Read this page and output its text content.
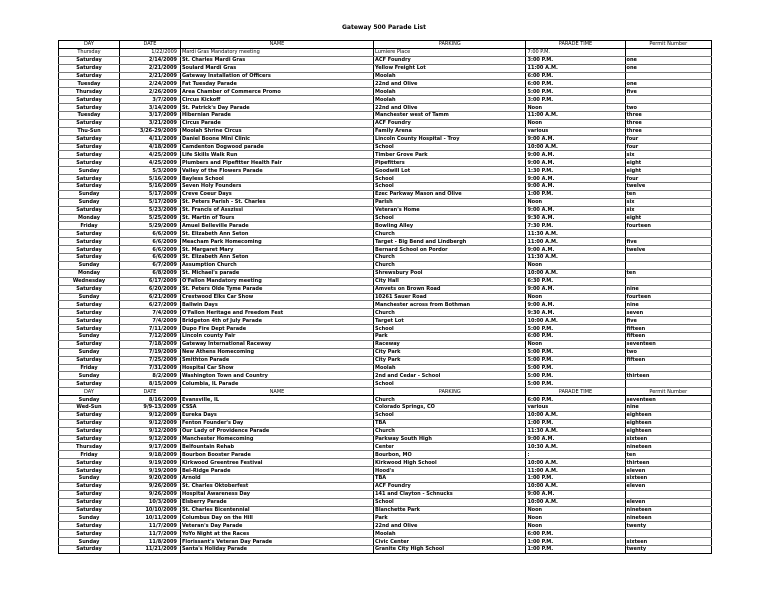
Gateway 500 Parade List
DAY	DATE	NAME	PARKING	PARADE TIME	Permit Number
Thursday	1/22/2009	Mardi Gras Mandatory meeting	Lumiere Place	7:00 P.M.	
Saturday	2/14/2009	St. Charles Mardi Gras	ACF Foundry	3:00 P.M.	one
Saturday	2/21/2009	Soulard Mardi Gras	Yellow Freight Lot	11:00 A.M.	one
Saturday	2/21/2009	Gateway Installation of Officers	Moolah	6:00 P.M.	
Tuesday	2/24/2009	Fat Tuesday Parade	22nd and Olive	6:00 P.M.	one
Thursday	2/26/2009	Area Chamber of Commerce Promo	Moolah	5:00 P.M.	five
Saturday	3/7/2009	Circus Kickoff	Moolah	3:00 P.M.	
Saturday	3/14/2009	St. Patrick's Day Parade	22nd and Olive	Noon	two
Tuesday	3/17/2009	Hibernian Parade	Manchester west of Tamm	11:00 A.M.	three
Saturday	3/21/2009	Circus Parade	ACF Foundry	Noon	three
Thu-Sun	3/26-29/2009	Moolah Shrine Circus	Family Arena	various	three
Saturday	4/11/2009	Daniel Boone Mini Clinic	Lincoln County Hospital - Troy	9:00 A.M.	four
Saturday	4/18/2009	Camdenton Dogwood parade	School	10:00 A.M.	four
Saturday	4/25/2009	Life Skills Walk Run	Timber Grove Park	9:00 A.M.	six
Saturday	4/25/2009	Plumbers and Pipefitter Health Fair	Pipefitters	9:00 A.M.	eight
Sunday	5/3/2009	Valley of the Flowers Parade	Goodwill Lot	1:30 P.M.	eight
Saturday	5/16/2009	Bayless School	School	9:00 A.M.	four
Saturday	5/16/2009	Seven Holy Founders	School	9:00 A.M.	twelve
Sunday	5/17/2009	Creve Coeur Days	Ezec Parkway Mason and Olive	1:00 P.M.	ten
Sunday	5/17/2009	St. Peters Parish - St. Charles	Parish	Noon	six
Saturday	5/23/2009	St. Francis of Asszissi	Veteran's Home	9:00 A.M.	six
Monday	5/25/2009	St. Martin of Tours	School	9:30 A.M.	eight
Friday	5/29/2009	Amuel Belleville Parade	Bowling Alley	7:30 P.M.	fourteen
Saturday	6/6/2009	St. Elizabeth Ann Seton	Church	11:30 A.M.	
Saturday	6/6/2009	Meacham Park Homecoming	Target - Big Bend and Lindbergh	11:00 A.M.	five
Saturday	6/6/2009	St. Margaret Mary	Bernard School on Pordor	9:00 A.M.	twelve
Saturday	6/6/2009	St. Elizabeth Ann Seton	Church	11:30 A.M.	
Sunday	6/7/2009	Assumption Church	Church	Noon	
Monday	6/8/2009	St. Michael's parade	Shrewsbury Pool	10:00 A.M.	ten
Wednesday	6/17/2009	O'Fallon Mandatory meeting	City Hall	6:30 P.M.	
Saturday	6/20/2009	St. Peters Olde Tyme Parade	Amvets on Brown Road	9:00 A.M.	nine
Sunday	6/21/2009	Crestwood Elks Car Show	10261 Sauer Road	Noon	fourteen
Saturday	6/27/2009	Ballwin Days	Manchester across from Bothman	9:00 A.M.	nine
Saturday	7/4/2009	O'Fallon Heritage and Freedom Fest	Church	9:30 A.M.	seven
Saturday	7/4/2009	Bridgeton 4th of July Parade	Target Lot	10:00 A.M.	five
Saturday	7/11/2009	Dupo Fire Dept Parade	School	5:00 P.M.	fifteen
Sunday	7/12/2009	Lincoln county Fair	Park	6:00 P.M.	fifteen
Saturday	7/18/2009	Gateway International Raceway	Raceway	Noon	seventeen
Sunday	7/19/2009	New Athens Homecoming	City Park	5:00 P.M.	two
Saturday	7/25/2009	Smithton Parade	City Park	5:00 P.M.	fifteen
Friday	7/31/2009	Hospital Car Show	Moolah	5:00 P.M.	
Sunday	8/2/2009	Washington Town and Country	2nd and Cedar - School	5:00 P.M.	thirteen
Saturday	8/15/2009	Columbia, IL Parade	School	5:00 P.M.	
DAY	DATE	NAME	PARKING	PARADE TIME	Permit Number
Sunday	8/16/2009	Evansville, IL	Church	6:00 P.M.	seventeen
Wed-Sun	9/9-13/2009	CSSA	Colorado Springs, CO	various	nine
Saturday	9/12/2009	Eureka Days	School	10:00 A.M.	eighteen
Saturday	9/12/2009	Fenton Founder's Day	TBA	1:00 P.M.	eighteen
Saturday	9/12/2009	Our Lady of Providence Parade	Church	11:30 A.M.	eighteen
Saturday	9/12/2009	Manchester Homecoming	Parkway South High	9:00 A.M.	sixteen
Thursday	9/17/2009	Belfountain Rehab	Center	10:30 A.M.	nineteen
Friday	9/18/2009	Bourbon Booster Parade	Bourbon, MO	:	ten
Saturday	9/19/2009	Kirkwood Greentree Festival	Kirkwood High School	10:00 A.M.	thirteen
Saturday	9/19/2009	Bel-Ridge Parade	Hood's	11:00 A.M.	eleven
Sunday	9/20/2009	Arnold	TBA	1:00 P.M.	sixteen
Saturday	9/26/2009	St. Charles Oktoberfest	ACF Foundry	10:00 A.M.	eleven
Saturday	9/26/2009	Hospital Awareness Day	141 and Clayton - Schnucks	9:00 A.M.	
Saturday	10/3/2009	Elsberry Parade	School	10:00 A.M.	eleven
Saturday	10/10/2009	St. Charles Bicentennial	Blanchette Park	Noon	nineteen
Sunday	10/11/2009	Columbus Day on the Hill	Park	Noon	nineteen
Saturday	11/7/2009	Veteran's Day Parade	22nd and Olive	Noon	twenty
Saturday	11/7/2009	YoYo Night at the Races	Moolah	6:00 P.M.	
Sunday	11/8/2009	Florissant's Veteran Day Parade	Civic Center	1:00 P.M.	sixteen
Saturday	11/21/2009	Santa's Holiday Parade	Granite City High School	1:00 P.M.	twenty
